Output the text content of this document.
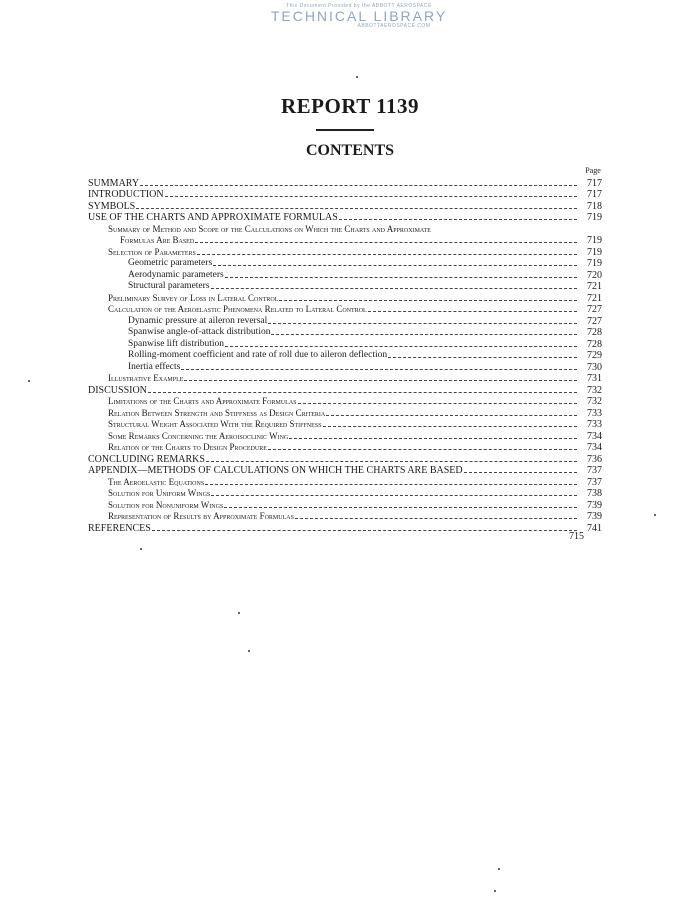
This Document Provided by the ABBOTT AEROSPACE
TECHNICAL LIBRARY
ABBOTTAEROSPACE.COM
REPORT 1139
CONTENTS
Page
SUMMARY	717
INTRODUCTION	717
SYMBOLS	718
USE OF THE CHARTS AND APPROXIMATE FORMULAS	719
Summary of Method and Scope of the Calculations on Which the Charts and Approximate
Formulas Are Based	719
Selection of Parameters	719
Geometric parameters	719
Aerodynamic parameters	720
Structural parameters	721
Preliminary Survey of Loss in Lateral Control	721
Calculation of the Aeroelastic Phenomena Related to Lateral Control	727
Dynamic pressure at aileron reversal	727
Spanwise angle-of-attack distribution	728
Spanwise lift distribution	728
Rolling-moment coefficient and rate of roll due to aileron deflection	729
Inertia effects	730
Illustrative Example	731
DISCUSSION	732
Limitations of the Charts and Approximate Formulas	732
Relation Between Strength and Stiffness as Design Criteria	733
Structural Weight Associated With the Required Stiffness	733
Some Remarks Concerning the Aeroisoclinic Wing	734
Relation of the Charts to Design Procedure	734
CONCLUDING REMARKS	736
APPENDIX—METHODS OF CALCULATIONS ON WHICH THE CHARTS ARE BASED	737
The Aeroelastic Equations	737
Solution for Uniform Wings	738
Solution for Nonuniform Wings	739
Representation of Results by Approximate Formulas	739
REFERENCES	741
715
